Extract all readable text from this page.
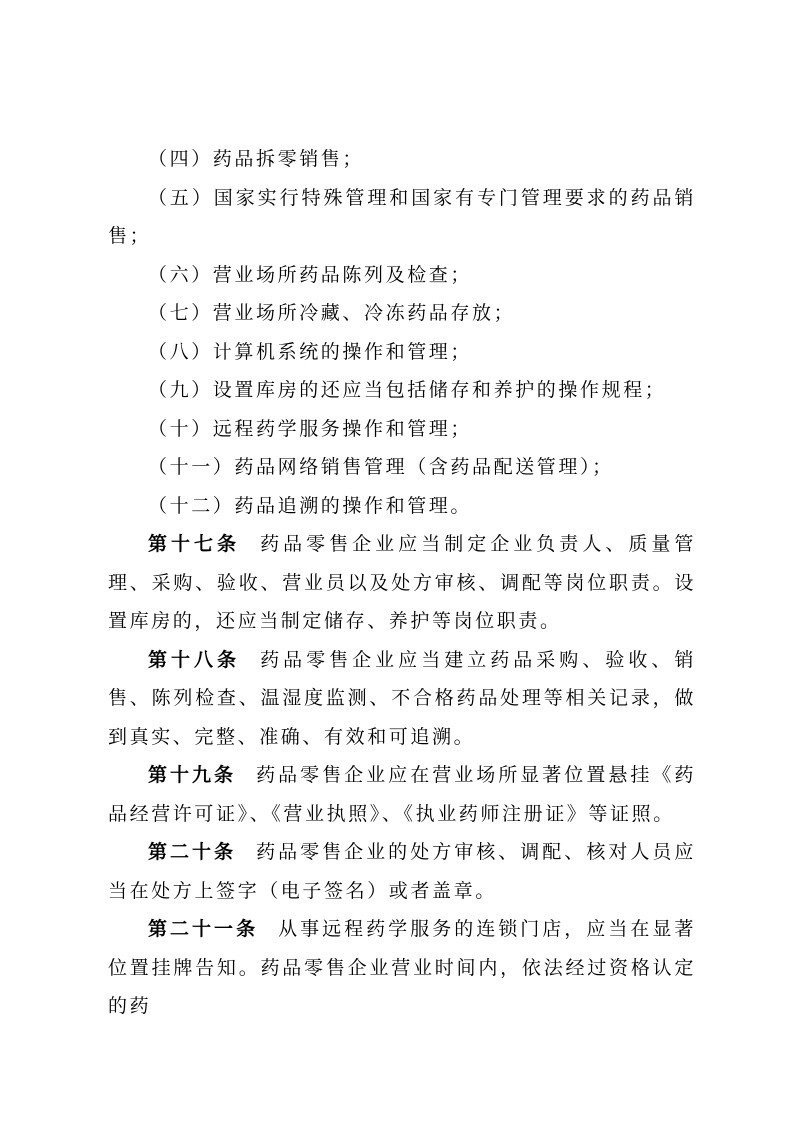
（四）药品拆零销售；

（五）国家实行特殊管理和国家有专门管理要求的药品销售；

（六）营业场所药品陈列及检查；

（七）营业场所冷藏、冷冻药品存放；

（八）计算机系统的操作和管理；

（九）设置库房的还应当包括储存和养护的操作规程；

（十）远程药学服务操作和管理；

（十一）药品网络销售管理（含药品配送管理）；

（十二）药品追溯的操作和管理。

第十七条 药品零售企业应当制定企业负责人、质量管理、采购、验收、营业员以及处方审核、调配等岗位职责。设置库房的，还应当制定储存、养护等岗位职责。

第十八条 药品零售企业应当建立药品采购、验收、销售、陈列检查、温湿度监测、不合格药品处理等相关记录，做到真实、完整、准确、有效和可追溯。

第十九条 药品零售企业应在营业场所显著位置悬挂《药品经营许可证》、《营业执照》、《执业药师注册证》等证照。

第二十条 药品零售企业的处方审核、调配、核对人员应当在处方上签字（电子签名）或者盖章。

第二十一条 从事远程药学服务的连锁门店，应当在显著位置挂牌告知。药品零售企业营业时间内，依法经过资格认定的药
